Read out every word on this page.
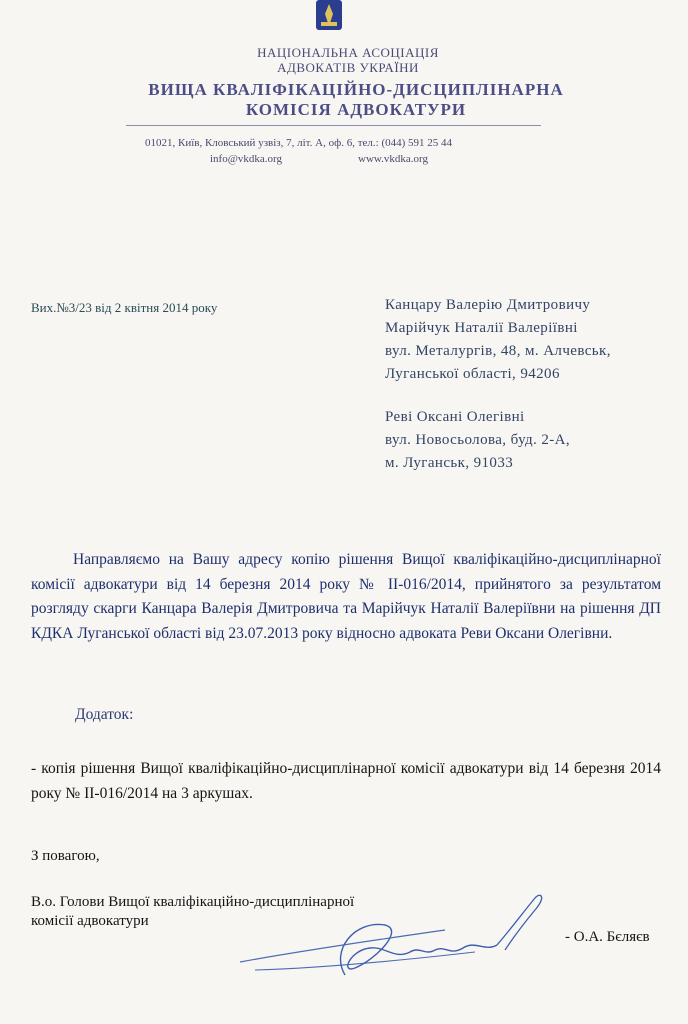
НАЦІОНАЛЬНА АСОЦІАЦІЯ
АДВОКАТІВ УКРАЇНИ
ВИЩА КВАЛІФІКАЦІЙНО-ДИСЦИПЛІНАРНА
КОМІСІЯ АДВОКАТУРИ
01021, Київ, Кловський узвіз, 7, літ. А, оф. 6, тел.: (044) 591 25 44
info@vkdka.org	www.vkdka.org
Вих.№3/23 від 2 квітня 2014 року	Канцару Валерію Дмитровичу
Марійчук Наталії Валеріївні
вул. Металургів, 48, м. Алчевськ,
Луганської області, 94206
Реві Оксані Олегівні
вул. Новосьолова, буд. 2-А,
м. Луганськ, 91033
Направляємо на Вашу адресу копію рішення Вищої кваліфікаційно-дисциплінарної комісії адвокатури від 14 березня 2014 року № ІІ-016/2014, прийнятого за результатом розгляду скарги Канцара Валерія Дмитровича та Марійчук Наталії Валеріївни на рішення ДП КДКА Луганської області від 23.07.2013 року відносно адвоката Реви Оксани Олегівни.
Додаток:
- копія рішення Вищої кваліфікаційно-дисциплінарної комісії адвокатури від 14 березня 2014 року № ІІ-016/2014 на 3 аркушах.
З повагою,
В.о. Голови Вищої кваліфікаційно-дисциплінарної
комісії адвокатури
- О.А. Бєляєв
